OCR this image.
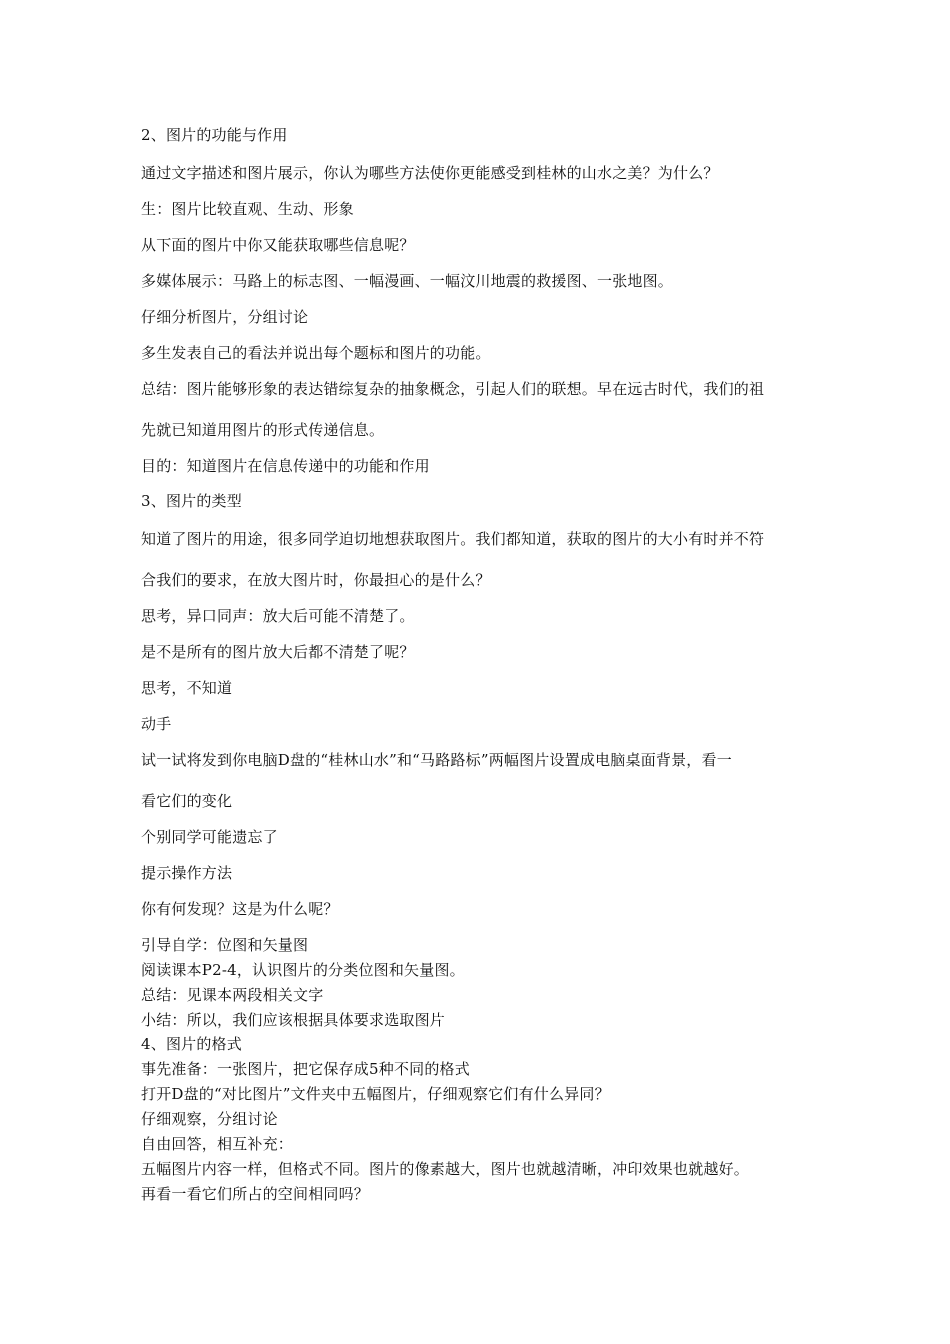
2、图片的功能与作用
通过文字描述和图片展示，你认为哪些方法使你更能感受到桂林的山水之美？为什么？
生：图片比较直观、生动、形象
从下面的图片中你又能获取哪些信息呢？
多媒体展示：马路上的标志图、一幅漫画、一幅汶川地震的救援图、一张地图。
仔细分析图片，分组讨论
多生发表自己的看法并说出每个题标和图片的功能。
总结：图片能够形象的表达错综复杂的抽象概念，引起人们的联想。早在远古时代，我们的祖
先就已知道用图片的形式传递信息。
目的：知道图片在信息传递中的功能和作用
3、图片的类型
知道了图片的用途，很多同学迫切地想获取图片。我们都知道，获取的图片的大小有时并不符
合我们的要求，在放大图片时，你最担心的是什么？
思考，异口同声：放大后可能不清楚了。
是不是所有的图片放大后都不清楚了呢？
思考，不知道
动手
试一试将发到你电脑D盘的“桂林山水”和“马路路标”两幅图片设置成电脑桌面背景，看一
看它们的变化
个别同学可能遗忘了
提示操作方法
你有何发现？这是为什么呢？
引导自学：位图和矢量图
阅读课本P2-4，认识图片的分类位图和矢量图。
总结：见课本两段相关文字
小结：所以，我们应该根据具体要求选取图片
4、图片的格式
事先准备：一张图片，把它保存成5种不同的格式
打开D盘的“对比图片”文件夹中五幅图片，仔细观察它们有什么异同？
仔细观察，分组讨论
自由回答，相互补充：
五幅图片内容一样，但格式不同。图片的像素越大，图片也就越清晰，冲印效果也就越好。
再看一看它们所占的空间相同吗？
